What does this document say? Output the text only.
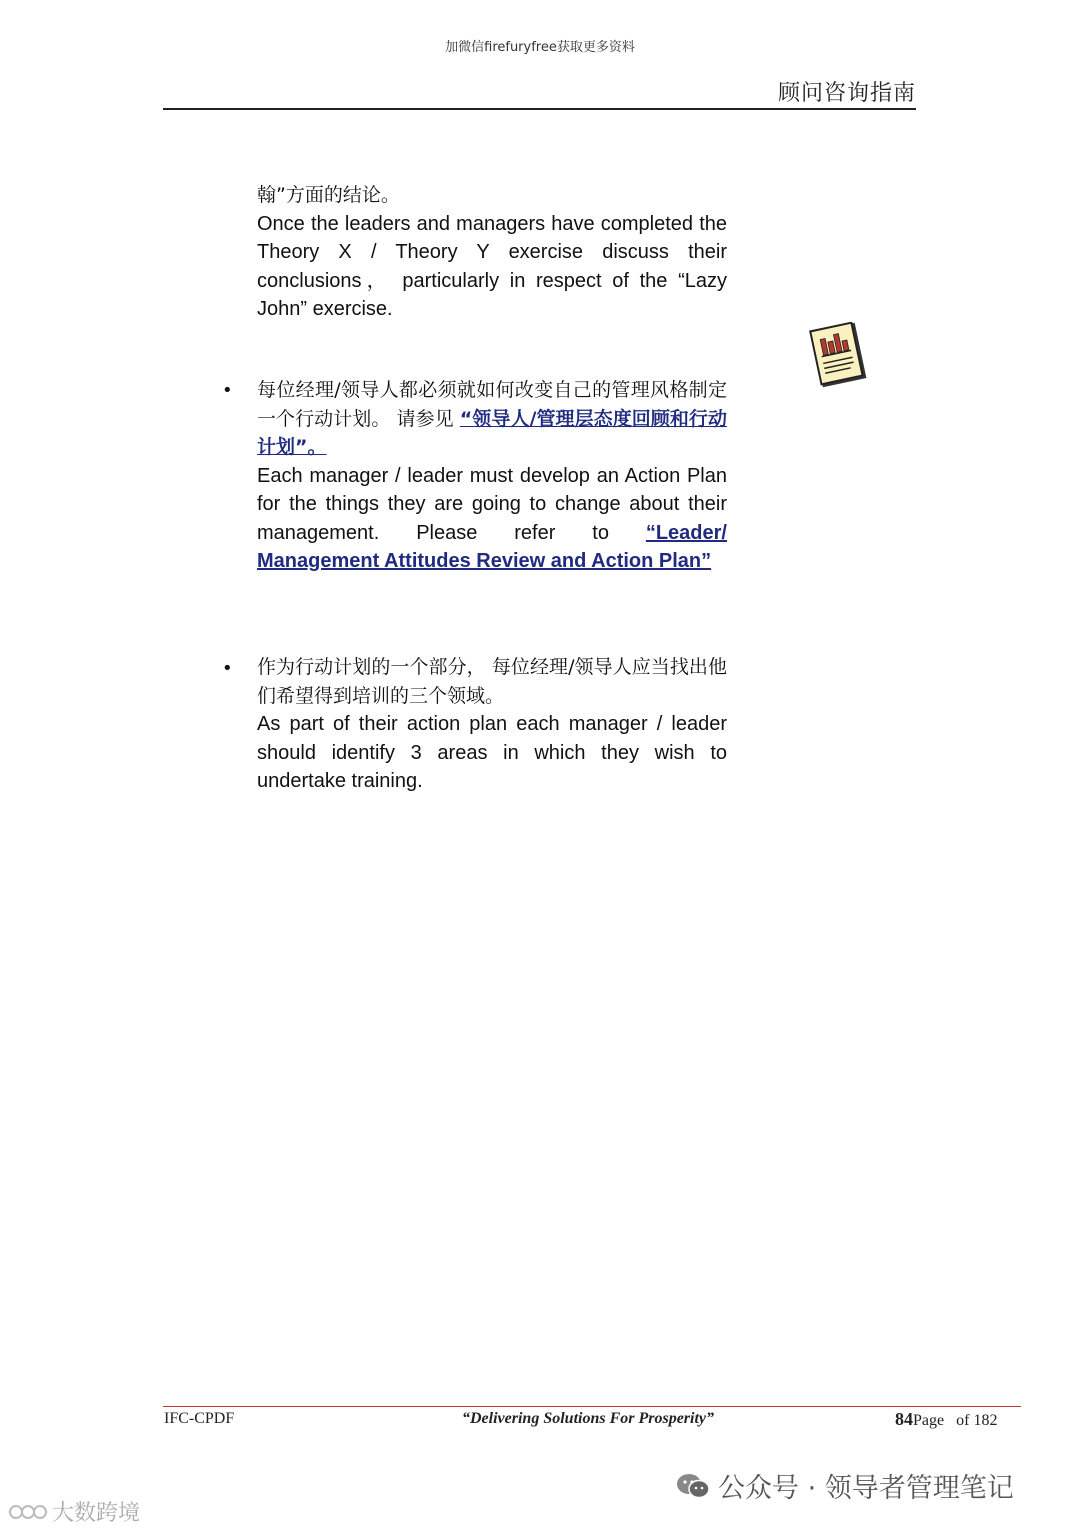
加微信firefuryfree获取更多资料
顾问咨询指南
翰”方面的结论。
Once the leaders and managers have completed the Theory X / Theory Y exercise discuss their conclusions， particularly in respect of the “Lazy John” exercise.
• 每位经理/领导人都必须就如何改变自己的管理风格制定一个行动计划。 请参见 “领导人/管理层态度回顾和行动计划”。
Each manager / leader must develop an Action Plan for the things they are going to change about their management. Please refer to “Leader/ Management Attitudes Review and Action Plan”
• 作为行动计划的一个部分， 每位经理/领导人应当找出他们希望得到培训的三个领域。
As part of their action plan each manager / leader should identify 3 areas in which they wish to undertake training.
IFC-CPDF	“Delivering Solutions For Prosperity”	84Page of 182
公众号 · 领导者管理笔记
大数跨境
